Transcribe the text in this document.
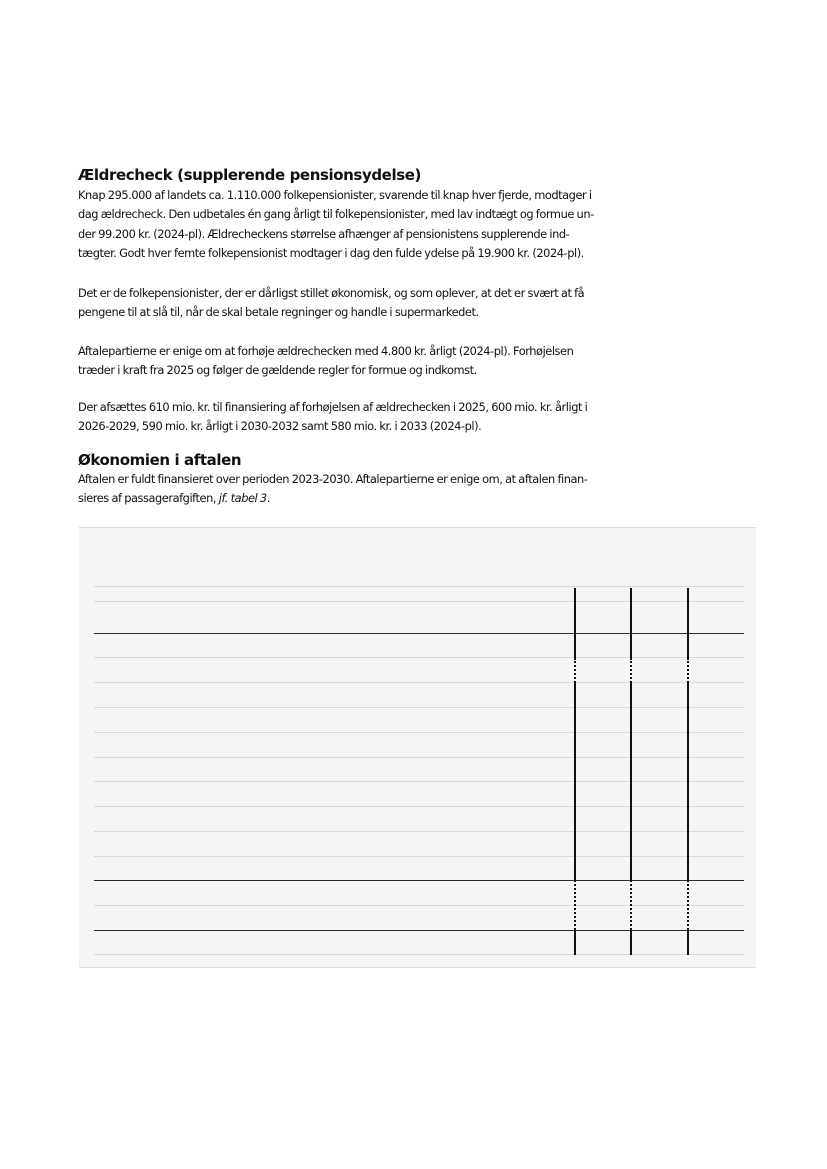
Ældrecheck (supplerende pensionsydelse)

Knap 295.000 af landets ca. 1.110.000 folkepensionister, svarende til knap hver fjerde, modtager i
dag ældrecheck. Den udbetales én gang årligt til folkepensionister, med lav indtægt og formue un-
der 99.200 kr. (2024-pl). Ældrecheckens størrelse afhænger af pensionistens supplerende ind-
tægter. Godt hver femte folkepensionist modtager i dag den fulde ydelse på 19.900 kr. (2024-pl).

Det er de folkepensionister, der er dårligst stillet økonomisk, og som oplever, at det er svært at få
pengene til at slå til, når de skal betale regninger og handle i supermarkedet.

Aftalepartierne er enige om at forhøje ældrechecken med 4.800 kr. årligt (2024-pl). Forhøjelsen
træder i kraft fra 2025 og følger de gældende regler for formue og indkomst.

Der afsættes 610 mio. kr. til finansiering af forhøjelsen af ældrechecken i 2025, 600 mio. kr. årligt i
2026-2029, 590 mio. kr. årligt i 2030-2032 samt 580 mio. kr. i 2033 (2024-pl).

Økonomien i aftalen

Aftalen er fuldt finansieret over perioden 2023-2030. Aftalepartierne er enige om, at aftalen finan-
sieres af passagerafgiften, jf. tabel 3.
